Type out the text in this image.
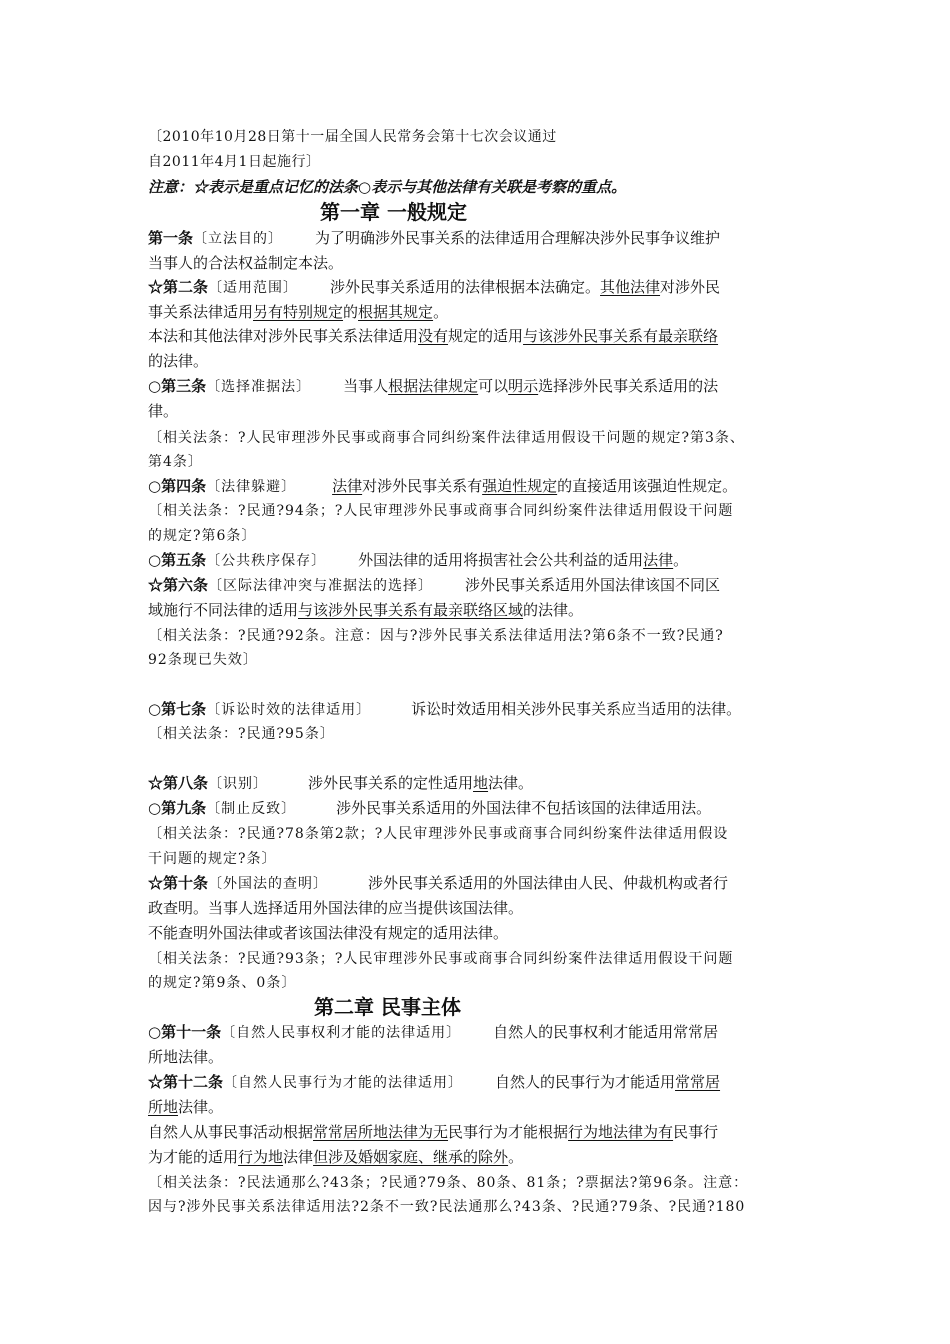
〔2010年10月28日第十一届全国人民常务会第十七次会议通过
自2011年4月1日起施行〕
注意：☆表示是重点记忆的法条○表示与其他法律有关联是考察的重点。
第一章 一般规定
第一条〔立法目的〕 为了明确涉外民事关系的法律适用合理解决涉外民事争议维护
当事人的合法权益制定本法。
☆第二条〔适用范围〕 涉外民事关系适用的法律根据本法确定。其他法律对涉外民
事关系法律适用另有特别规定的根据其规定。
本法和其他法律对涉外民事关系法律适用没有规定的适用与该涉外民事关系有最亲联络
的法律。
○第三条〔选择准据法〕 当事人根据法律规定可以明示选择涉外民事关系适用的法
律。
〔相关法条：?人民审理涉外民事或商事合同纠纷案件法律适用假设干问题的规定?第3条、
第4条〕
○第四条〔法律躲避〕 法律对涉外民事关系有强迫性规定的直接适用该强迫性规定。
〔相关法条：?民通?94条；?人民审理涉外民事或商事合同纠纷案件法律适用假设干问题
的规定?第6条〕
○第五条〔公共秩序保存〕 外国法律的适用将损害社会公共利益的适用法律。
☆第六条〔区际法律冲突与准据法的选择〕 涉外民事关系适用外国法律该国不同区
域施行不同法律的适用与该涉外民事关系有最亲联络区域的法律。
〔相关法条：?民通?92条。注意：因与?涉外民事关系法律适用法?第6条不一致?民通?
92条现已失效〕
○第七条〔诉讼时效的法律适用〕	诉讼时效适用相关涉外民事关系应当适用的法律。
〔相关法条：?民通?95条〕
☆第八条〔识别〕	涉外民事关系的定性适用地法律。
○第九条〔制止反致〕	涉外民事关系适用的外国法律不包括该国的法律适用法。
〔相关法条：?民通?78条第2款；?人民审理涉外民事或商事合同纠纷案件法律适用假设
干问题的规定?条〕
☆第十条〔外国法的查明〕	涉外民事关系适用的外国法律由人民、仲裁机构或者行
政查明。当事人选择适用外国法律的应当提供该国法律。
不能查明外国法律或者该国法律没有规定的适用法律。
〔相关法条：?民通?93条；?人民审理涉外民事或商事合同纠纷案件法律适用假设干问题
的规定?第9条、0条〕
第二章 民事主体
○第十一条〔自然人民事权利才能的法律适用〕 自然人的民事权利才能适用常常居
所地法律。
☆第十二条〔自然人民事行为才能的法律适用〕 自然人的民事行为才能适用常常居
所地法律。
自然人从事民事活动根据常常居所地法律为无民事行为才能根据行为地法律为有民事行
为才能的适用行为地法律但涉及婚姻家庭、继承的除外。
〔相关法条：?民法通那么?43条；?民通?79条、80条、81条；?票据法?第96条。注意：
因与?涉外民事关系法律适用法?2条不一致?民法通那么?43条、?民通?79条、?民通?180
